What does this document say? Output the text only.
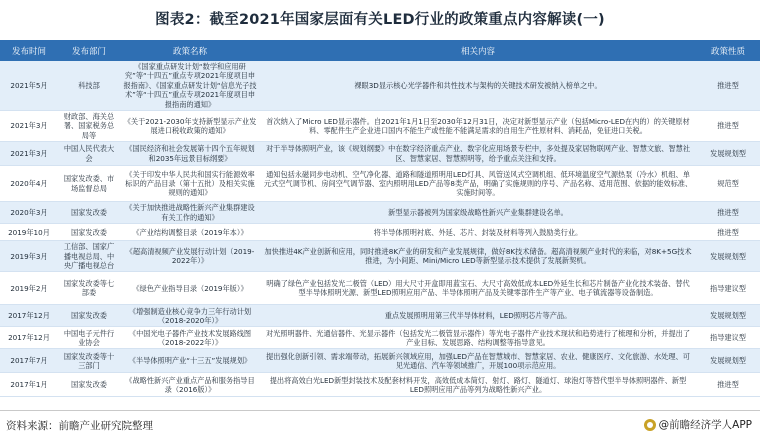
图表2：截至2021年国家层面有关LED行业的政策重点内容解读(一)
发布时间	发布部门	政策名称	相关内容	政策性质
2021年5月	科技部	《国家重点研发计划“数学和应用研究”等“十四五”重点专项2021年度项目申报指南》、《国家重点研发计划“信息光子技术”等“十四五”重点专项2021年度项目申报指南的通知》	裸眼3D显示核心光学器件和共性技术与架构的关键技术研发被纳入榜单之中。	推进型
2021年3月	财政部、海关总署、国家税务总局等	《关于2021-2030年支持新型显示产业发展进口税收政策的通知》	首次纳入了Micro LED显示器件。自2021年1月1日至2030年12月31日，决定对新型显示产业（包括Micro-LED在内的）的关键原材料、零配件生产企业进口国内不能生产或性能不能满足需求的自用生产性原材料、消耗品，免征进口关税。	推进型
2021年3月	中国人民代表大会	《国民经济和社会发展第十四个五年规划和2035年远景目标纲要》	对于半导体照明产业，该《规划纲要》中在数字经济重点产业、数字化应用场景专栏中，多处提及家居物联网产业、智慧文旅、智慧社区、智慧家居、智慧照明等，给予重点关注和支持。	发展规划型
2020年4月	国家发改委、市场监督总局	《关于印发中华人民共和国实行能源效率标识的产品目录（第十五批）及相关实施规则的通知》	通知包括永磁同步电动机、空气净化器、道路和隧道照明用LED灯具、风管送风式空调机组、低环境温度空气源热泵（冷水）机组、单元式空气调节机、房间空气调节器、室内照明用LED产品等8类产品，明确了实施规则的序号、产品名称、适用范围、依据的能效标准、实施时间等。	规范型
2020年3月	国家发改委	《关于加快推进战略性新兴产业集群建设有关工作的通知》	新型显示器被列为国家级战略性新兴产业集群建设名单。	推进型
2019年10月	国家发改委	《产业结构调整目录（2019年本）》	将半导体照明衬底、外延、芯片、封装及材料等列入鼓励类行业。	推进型
2019年3月	工信部、国家广播电视总局、中央广播电视总台	《超高清视频产业发展行动计划（2019-2022年）》	加快推进4K产业创新和应用，同时推进8K产业的研发和产业发展规律，做好8K技术储备。超高清视频产业时代的来临，对8K+5G技术推进，为小间距、Mini/Micro LED等新型显示技术提供了发展新契机。	发展规划型
2019年2月	国家发改委等七部委	《绿色产业指导目录（2019年版）》	明确了绿色产业包括发光二极管（LED）用大尺寸开盒即用蓝宝石、大尺寸高效低成本LED外延生长和芯片制备产业化技术装备、替代型半导体照明光源、新型LED照明应用产品、半导体照明产品及关键零部件生产等产业、电子镇流器等设备制造。	指导建议型
2017年12月	国家发改委	《增强制造业核心竞争力三年行动计划（2018-2020年）》	重点发展照明用第三代半导体材料，LED照明芯片等产品。	发展规划型
2017年12月	中国电子元件行业协会	《中国光电子器件产业技术发展路线图（2018-2022年）》	对光照明器件、光通信器件、光显示器件（包括发光二极管显示器件）等光电子器件产业技术现状和趋势进行了梳理和分析，并提出了产业目标、发展思路、结构调整等指导意见。	指导建议型
2017年7月	国家发改委等十三部门	《半导体照明产业“十三五”发展规划》	提出强化创新引领、需求端带动，拓展新兴领域应用，加强LED产品在智慧城市、智慧家居、农业、健康医疗、文化旅游、水处理、可见光通信、汽车等领域推广，开展100项示范应用。	发展规划型
2017年1月	国家发改委	《战略性新兴产业重点产品和服务指导目录（2016版）》	提出将高效白光LED新型封装技术及配套材料开发，高效低成本简灯、射灯、路灯、隧道灯、球泡灯等替代型半导体照明器件、新型LED照明应用产品等列为战略性新兴产业。	推进型
资料来源：前瞻产业研究院整理	@前瞻经济学人APP
